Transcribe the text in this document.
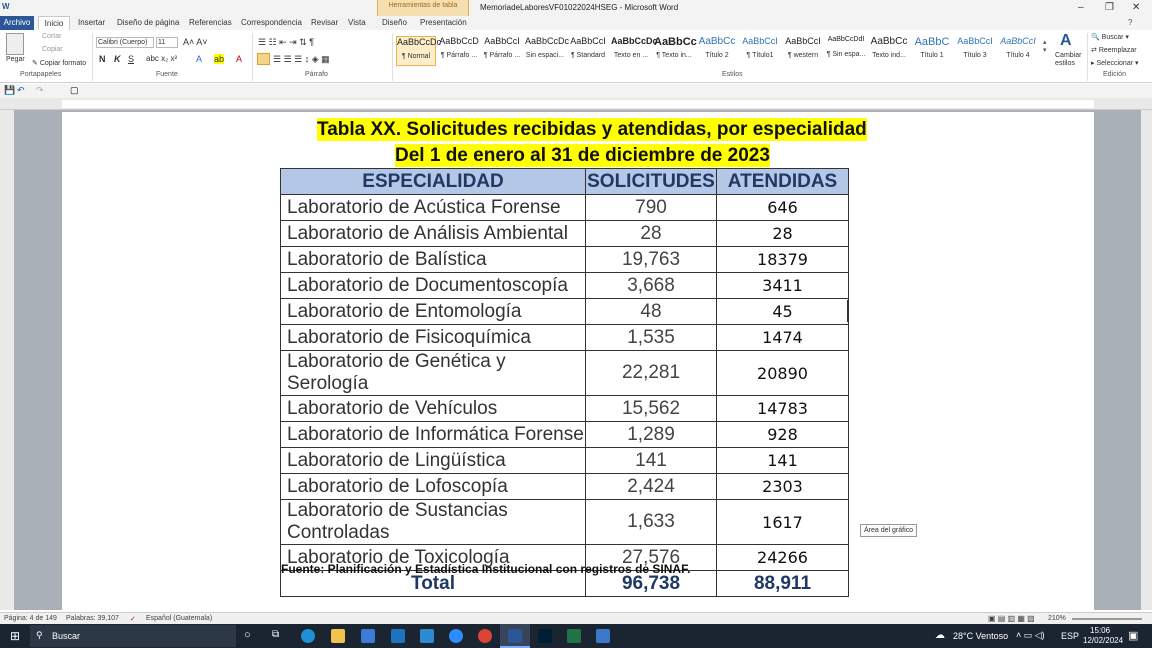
W	Herramientas de tabla	MemoriadeLaboresVF01022024HSEG - Microsoft Word	– ❐ ✕
Archivo	Inicio	Insertar Diseño de página Referencias Correspondencia Revisar Vista Diseño Presentación	?
Pegar
Cortar
Copiar
✎ Copiar formato
Portapapeles
Calibri (Cuerpo)	11	A˄ A˅
N K S abc x₂ x² A ab A
Fuente
☰ ☷ ⇤ ⇥ ⇅ ¶
☰ ☰ ☰ ↕ ◈ ▦
Párrafo
AaBbCcDc
¶ Normal
AaBbCcD
¶ Párrafo ...
AaBbCcI
¶ Párrafo ...
AaBbCcDc
Sin espaci...
AaBbCcI
¶ Standard
AaBbCcDc
Texto en ...
AaBbCc
¶ Texto in...
AaBbCc
Título 2
AaBbCcI
¶ Título1
AaBbCcI
¶ western
AaBbCcDdI
¶ Sin espa...
AaBbCc
Texto ind...
AaBbC
Título 1
AaBbCcI
Título 3
AaBbCcI
Título 4
Estilos
▴
▾
A
Cambiar estilos
🔍 Buscar ▾
⇄ Reemplazar
▸ Seleccionar ▾
Edición
💾 ↶ ↷	▢
Tabla XX. Solicitudes recibidas y atendidas, por especialidad
Del 1 de enero al 31 de diciembre de 2023
ESPECIALIDAD	SOLICITUDES	ATENDIDAS
Laboratorio de Acústica Forense	790	646
Laboratorio de Análisis Ambiental	28	28
Laboratorio de Balística	19,763	18379
Laboratorio de Documentoscopía	3,668	3411
Laboratorio de Entomología	48	45
Laboratorio de Fisicoquímica	1,535	1474
Laboratorio de Genética y Serología	22,281	20890
Laboratorio de Vehículos	15,562	14783
Laboratorio de Informática Forense	1,289	928
Laboratorio de Lingüística	141	141
Laboratorio de Lofoscopía	2,424	2303
Laboratorio de Sustancias Controladas	1,633	1617
Laboratorio de Toxicología	27,576	24266
Total	96,738	88,911
Fuente: Planificación y Estadística Institucional con registros de SINAF.
Área del gráfico
Página: 4 de 149 Palabras: 39,107 ✓ Español (Guatemala)	▣ ▤ ▥ ▦ ▧ 210%
⊞ ⚲ Buscar	○ ⧉	☁ 28°C Ventoso ˄ ▭ ◁) ESP
15:06
12/02/2024 ▣
